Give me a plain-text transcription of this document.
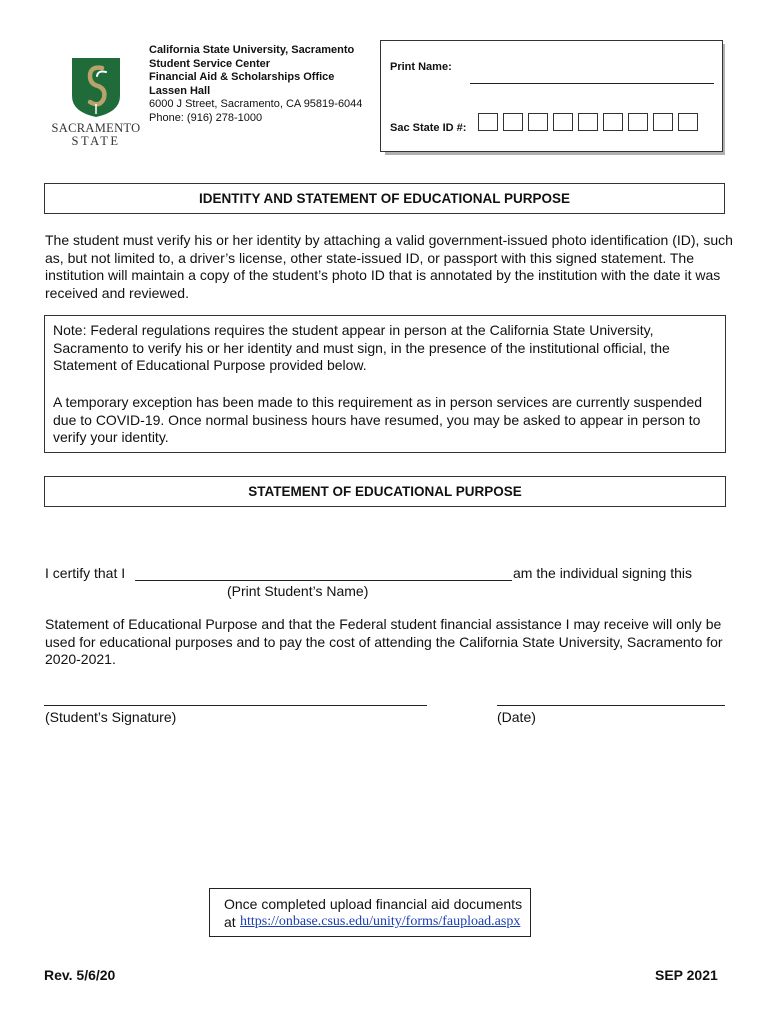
SACRAMENTO
STATE
California State University, Sacramento
Student Service Center
Financial Aid & Scholarships Office
Lassen Hall
6000 J Street, Sacramento, CA 95819-6044
Phone: (916) 278-1000
Print Name:
Sac State ID #:
IDENTITY AND STATEMENT OF EDUCATIONAL PURPOSE
The student must verify his or her identity by attaching a valid government-issued photo identification (ID), such as, but not limited to, a driver’s license, other state-issued ID, or passport with this signed statement. The institution will maintain a copy of the student’s photo ID that is annotated by the institution with the date it was received and reviewed.
Note: Federal regulations requires the student appear in person at the California State University, Sacramento to verify his or her identity and must sign, in the presence of the institutional official, the Statement of Educational Purpose provided below.
A temporary exception has been made to this requirement as in person services are currently suspended due to COVID-19. Once normal business hours have resumed, you may be asked to appear in person to verify your identity.
STATEMENT OF EDUCATIONAL PURPOSE
I certify that I	am the individual signing this
(Print Student’s Name)
Statement of Educational Purpose and that the Federal student financial assistance I may receive will only be used for educational purposes and to pay the cost of attending the California State University, Sacramento for 2020-2021.
(Student’s Signature)	(Date)
Once completed upload financial aid documents
at https://onbase.csus.edu/unity/forms/faupload.aspx
Rev. 5/6/20	SEP 2021
